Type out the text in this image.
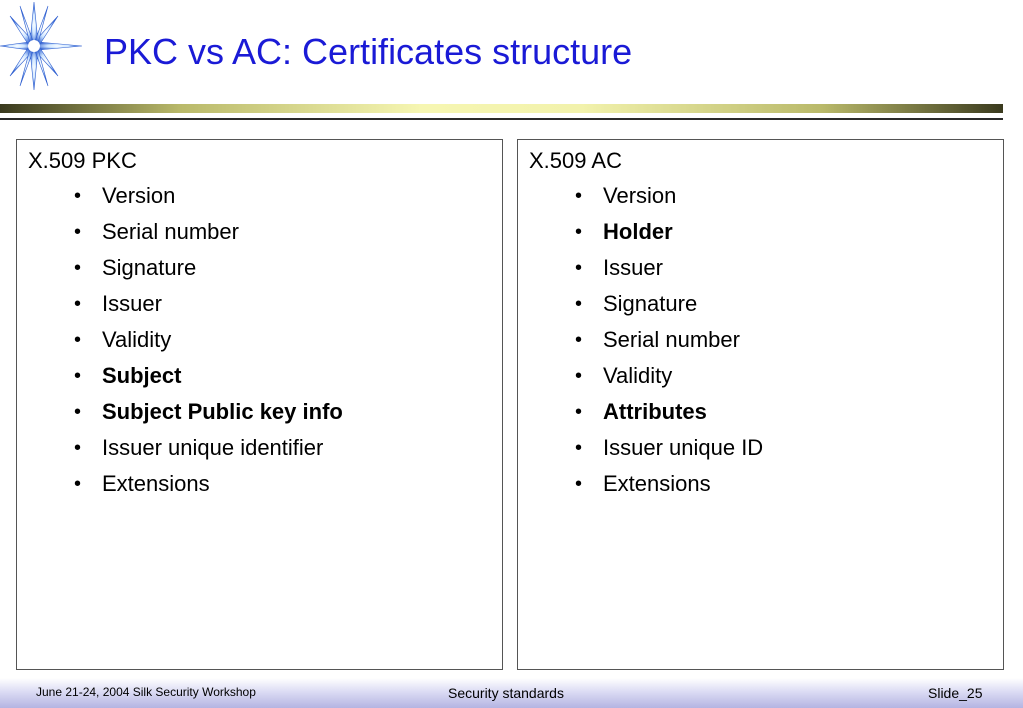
PKC vs AC: Certificates structure
X.509 PKC
• Version
• Serial number
• Signature
• Issuer
• Validity
• Subject
• Subject Public key info
• Issuer unique identifier
• Extensions
X.509 AC
• Version
• Holder
• Issuer
• Signature
• Serial number
• Validity
• Attributes
• Issuer unique ID
• Extensions
June 21-24, 2004 Silk Security Workshop	Security standards	Slide_25
